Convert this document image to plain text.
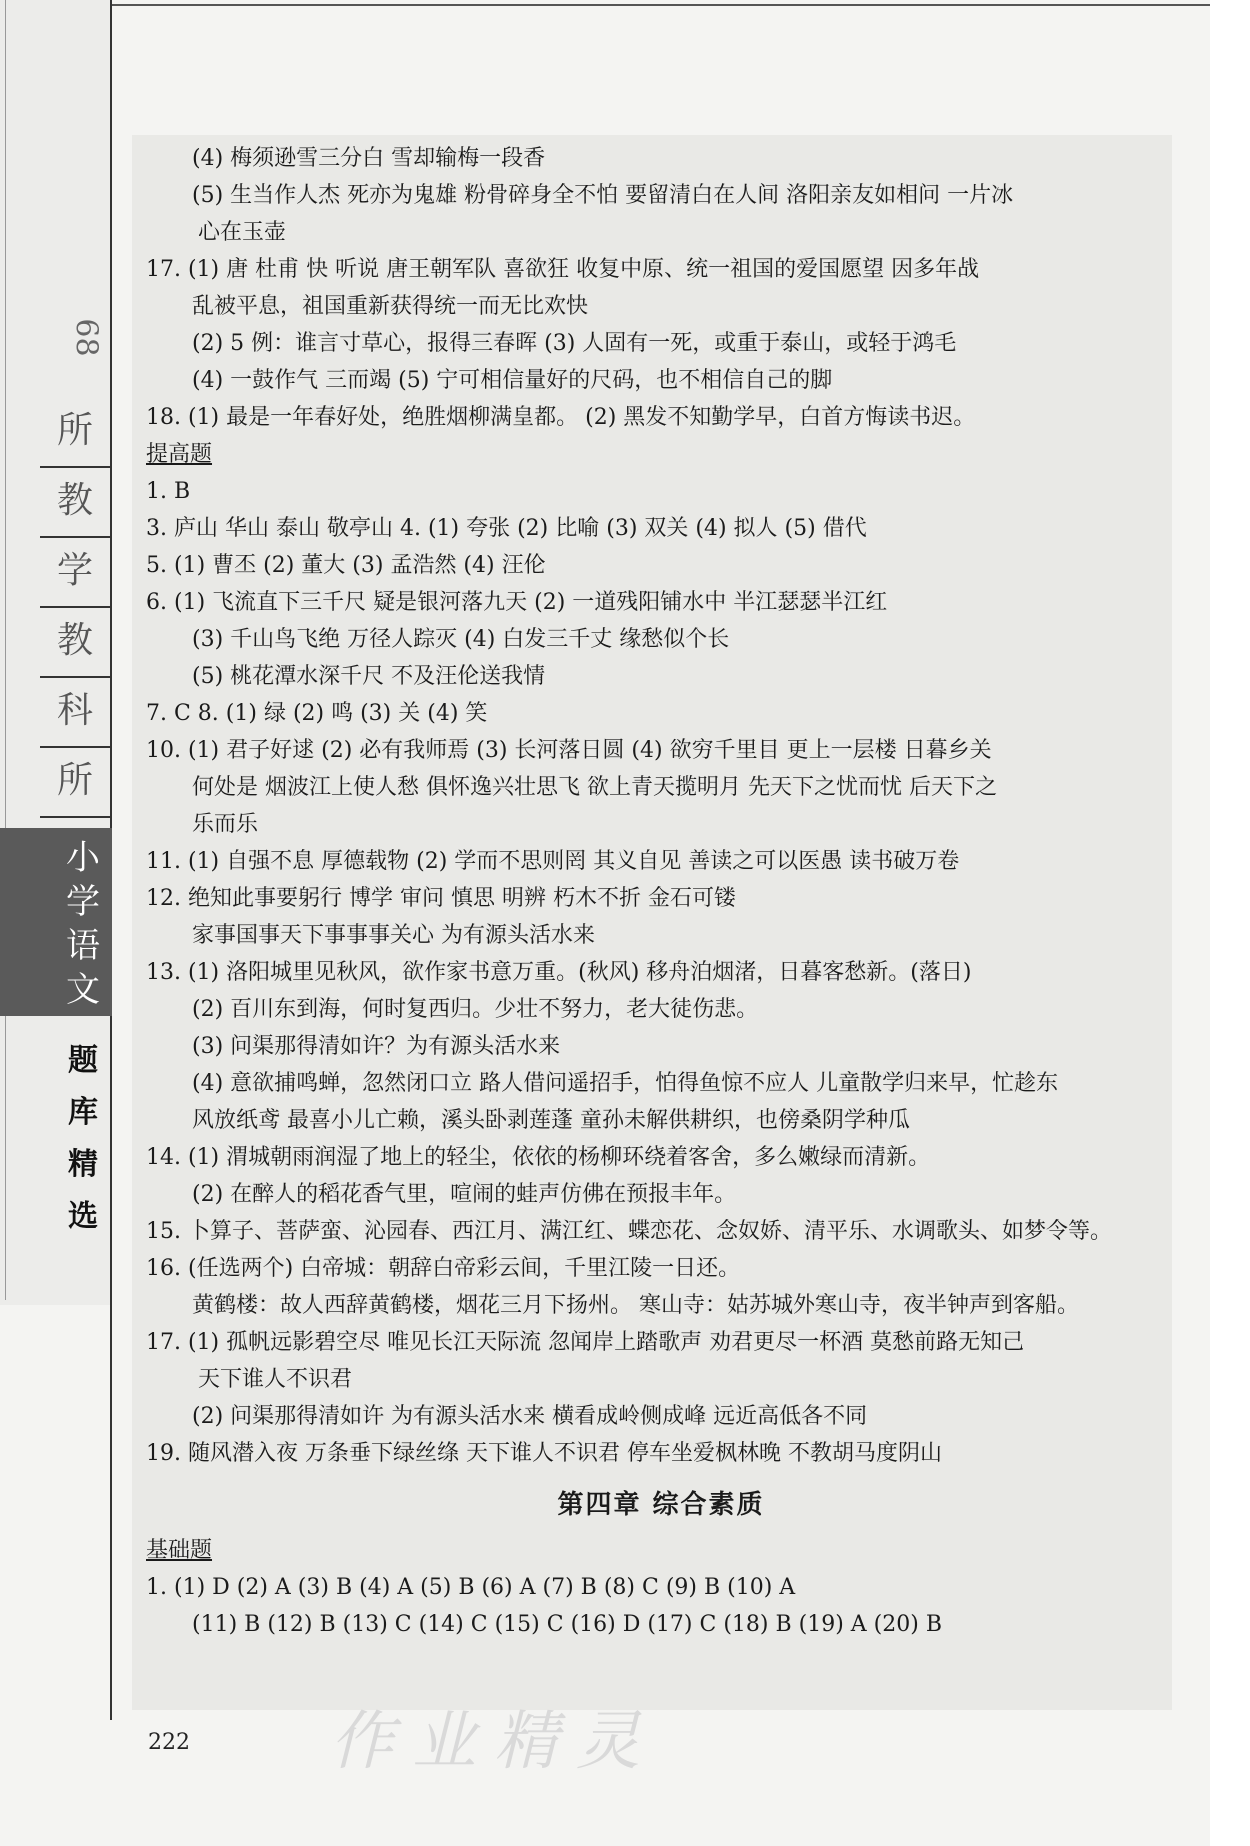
68
所
教
学
教
科
所
小
学
语
文
题
库
精
选
(4) 梅须逊雪三分白 雪却输梅一段香
(5) 生当作人杰 死亦为鬼雄 粉骨碎身全不怕 要留清白在人间 洛阳亲友如相问 一片冰
心在玉壶
17. (1) 唐 杜甫 快 听说 唐王朝军队 喜欲狂 收复中原、统一祖国的爱国愿望 因多年战
乱被平息，祖国重新获得统一而无比欢快
(2) 5 例：谁言寸草心，报得三春晖 (3) 人固有一死，或重于泰山，或轻于鸿毛
(4) 一鼓作气 三而竭 (5) 宁可相信量好的尺码，也不相信自己的脚
18. (1) 最是一年春好处，绝胜烟柳满皇都。 (2) 黑发不知勤学早，白首方悔读书迟。
提高题
1. B
3. 庐山 华山 泰山 敬亭山 4. (1) 夸张 (2) 比喻 (3) 双关 (4) 拟人 (5) 借代
5. (1) 曹丕 (2) 董大 (3) 孟浩然 (4) 汪伦
6. (1) 飞流直下三千尺 疑是银河落九天 (2) 一道残阳铺水中 半江瑟瑟半江红
(3) 千山鸟飞绝 万径人踪灭 (4) 白发三千丈 缘愁似个长
(5) 桃花潭水深千尺 不及汪伦送我情
7. C 8. (1) 绿 (2) 鸣 (3) 关 (4) 笑
10. (1) 君子好逑 (2) 必有我师焉 (3) 长河落日圆 (4) 欲穷千里目 更上一层楼 日暮乡关
何处是 烟波江上使人愁 俱怀逸兴壮思飞 欲上青天揽明月 先天下之忧而忧 后天下之
乐而乐
11. (1) 自强不息 厚德载物 (2) 学而不思则罔 其义自见 善读之可以医愚 读书破万卷
12. 绝知此事要躬行 博学 审问 慎思 明辨 朽木不折 金石可镂
家事国事天下事事事关心 为有源头活水来
13. (1) 洛阳城里见秋风，欲作家书意万重。(秋风) 移舟泊烟渚，日暮客愁新。(落日)
(2) 百川东到海，何时复西归。少壮不努力，老大徒伤悲。
(3) 问渠那得清如许？为有源头活水来
(4) 意欲捕鸣蝉，忽然闭口立 路人借问遥招手，怕得鱼惊不应人 儿童散学归来早，忙趁东
风放纸鸢 最喜小儿亡赖，溪头卧剥莲蓬 童孙未解供耕织，也傍桑阴学种瓜
14. (1) 渭城朝雨润湿了地上的轻尘，依依的杨柳环绕着客舍，多么嫩绿而清新。
(2) 在醉人的稻花香气里，喧闹的蛙声仿佛在预报丰年。
15. 卜算子、菩萨蛮、沁园春、西江月、满江红、蝶恋花、念奴娇、清平乐、水调歌头、如梦令等。
16. (任选两个) 白帝城：朝辞白帝彩云间，千里江陵一日还。
黄鹤楼：故人西辞黄鹤楼，烟花三月下扬州。 寒山寺：姑苏城外寒山寺，夜半钟声到客船。
17. (1) 孤帆远影碧空尽 唯见长江天际流 忽闻岸上踏歌声 劝君更尽一杯酒 莫愁前路无知己
天下谁人不识君
(2) 问渠那得清如许 为有源头活水来 横看成岭侧成峰 远近高低各不同
19. 随风潜入夜 万条垂下绿丝绦 天下谁人不识君 停车坐爱枫林晚 不教胡马度阴山
第四章 综合素质
基础题
1. (1) D (2) A (3) B (4) A (5) B (6) A (7) B (8) C (9) B (10) A
(11) B (12) B (13) C (14) C (15) C (16) D (17) C (18) B (19) A (20) B
作业精灵
222
